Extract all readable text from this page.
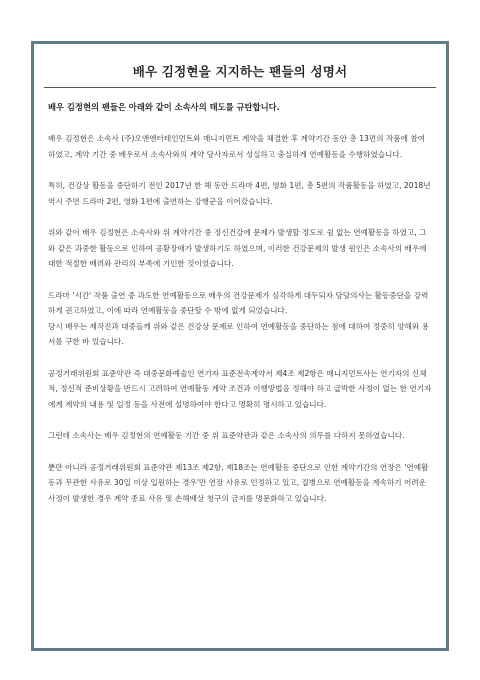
배우 김정현을 지지하는 팬들의 성명서

배우 김정현의 팬들은 아래와 같이 소속사의 태도를 규탄합니다.

배우 김정현은 소속사 (주)오앤엔터테인먼트와 매니지먼트 계약을 체결한 후 계약기간 동안 총 13편의 작품에 참여하였고, 계약 기간 중 배우로서 소속사와의 계약 당사자로서 성실하고 충실하게 연예활동을 수행하였습니다.

특히, 건강상 활동을 중단하기 전인 2017년 한 해 동안 드라마 4편, 영화 1편, 총 5편의 작품활동을 하였고, 2018년 역시 주연 드라마 2편, 영화 1편에 출연하는 강행군을 이어갔습니다.

위와 같이 배우 김정현은 소속사와 위 계약기간 중 정신건강에 문제가 발생할 정도로 쉼 없는 연예활동을 하였고, 그와 같은 과중한 활동으로 인하여 공황장애가 발생하기도 하였으며, 이러한 건강문제의 발생 원인은 소속사의 배우에 대한 적절한 배려와 관리의 부족에 기인한 것이었습니다.

드라마 '시간' 작품 출연 중 과도한 연예활동으로 배우의 건강문제가 심각하게 대두되자 담당의사는 활동중단을 강력하게 권고하였고, 이에 따라 연예활동을 중단할 수 밖에 없게 되었습니다.

당시 배우는 제작진과 대중들께 위와 같은 건강상 문제로 인하여 연예활동을 중단하는 점에 대하여 정중히 양해와 용서를 구한 바 있습니다.

공정거래위원회 표준약관 즉 대중문화예술인 연기자 표준전속계약서 제4조 제2항은 매니지먼트사는 연기자의 신체적, 정신적 준비상황을 반드시 고려하여 연예활동 계약 조건과 이행방법을 정해야 하고 급박한 사정이 없는 한 연기자에게 계약의 내용 및 일정 등을 사전에 설명하여야 한다고 명확히 명시하고 있습니다.

그런데 소속사는 배우 김정현의 연예활동 기간 중 위 표준약관과 같은 소속사의 의무를 다하지 못하였습니다.

뿐만 아니라 공정거래위원회 표준약관 제13조 제2항, 제18조는 연예활동 중단으로 인한 계약기간의 연장은 '연예활동과 무관한 사유로 30일 이상 입원하는 경우'만 연장 사유로 인정하고 있고, 질병으로 연예활동을 계속하기 어려운 사정이 발생한 경우 계약 종료 사유 및 손해배상 청구의 금지를 명문화하고 있습니다.
